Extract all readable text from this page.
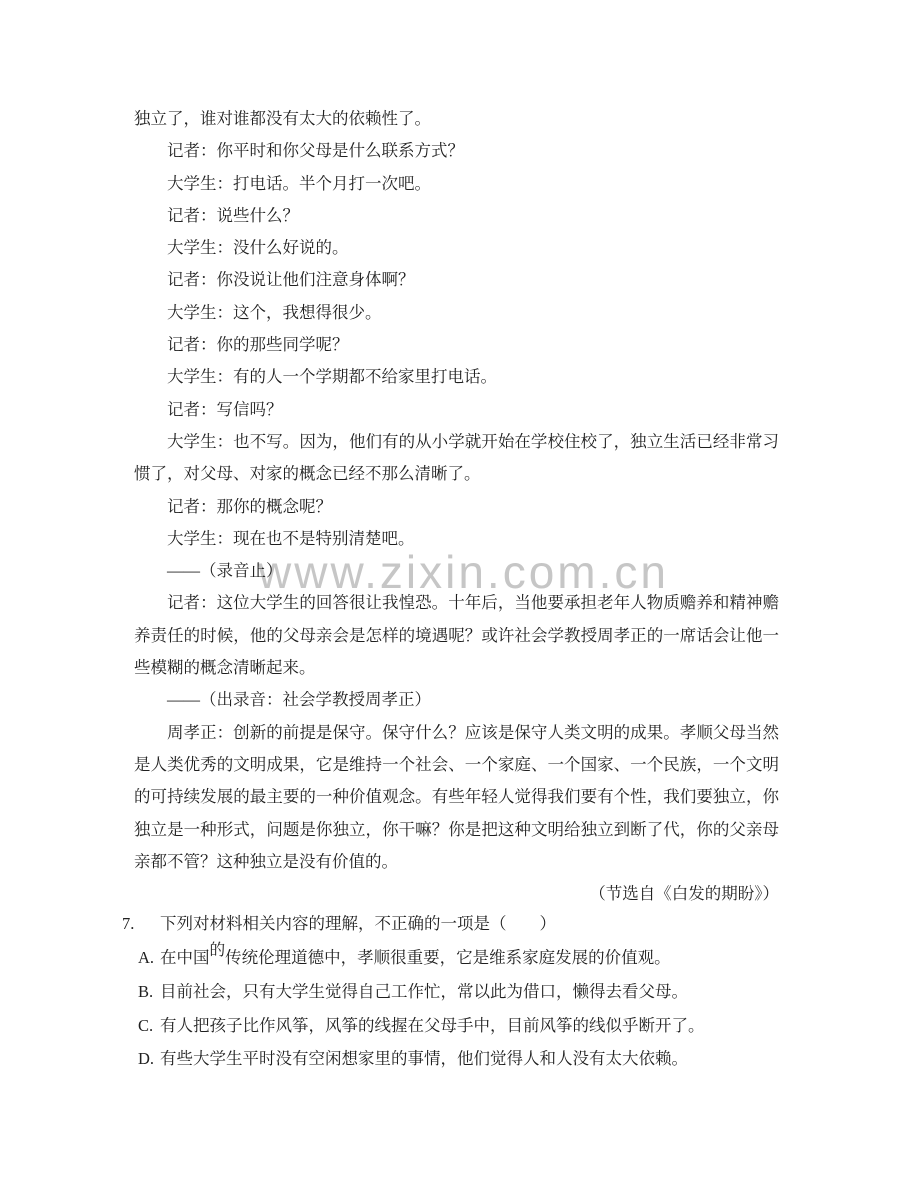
www.zixin.com.cn

独立了，谁对谁都没有太大的依赖性了。

记者：你平时和你父母是什么联系方式？

大学生：打电话。半个月打一次吧。

记者：说些什么？

大学生：没什么好说的。

记者：你没说让他们注意身体啊？

大学生：这个，我想得很少。

记者：你的那些同学呢？

大学生：有的人一个学期都不给家里打电话。

记者：写信吗？

大学生：也不写。因为，他们有的从小学就开始在学校住校了，独立生活已经非常习惯了，对父母、对家的概念已经不那么清晰了。

记者：那你的概念呢？

大学生：现在也不是特别清楚吧。

——（录音止）

记者：这位大学生的回答很让我惶恐。十年后，当他要承担老年人物质赡养和精神赡养责任的时候，他的父母亲会是怎样的境遇呢？或许社会学教授周孝正的一席话会让他一些模糊的概念清晰起来。

——（出录音：社会学教授周孝正）

周孝正：创新的前提是保守。保守什么？应该是保守人类文明的成果。孝顺父母当然是人类优秀的文明成果，它是维持一个社会、一个家庭、一个国家、一个民族，一个文明的可持续发展的最主要的一种价值观念。有些年轻人觉得我们要有个性，我们要独立，你独立是一种形式，问题是你独立，你干嘛？你是把这种文明给独立到断了代，你的父亲母亲都不管？这种独立是没有价值的。

（节选自《白发的期盼》）

7. 下列对材料相关内容的理解，不正确的一项是（　　）
A. 在中国的传统伦理道德中，孝顺很重要，它是维系家庭发展的价值观。
B. 目前社会，只有大学生觉得自己工作忙，常以此为借口，懒得去看父母。
C. 有人把孩子比作风筝，风筝的线握在父母手中，目前风筝的线似乎断开了。
D. 有些大学生平时没有空闲想家里的事情，他们觉得人和人没有太大依赖。
